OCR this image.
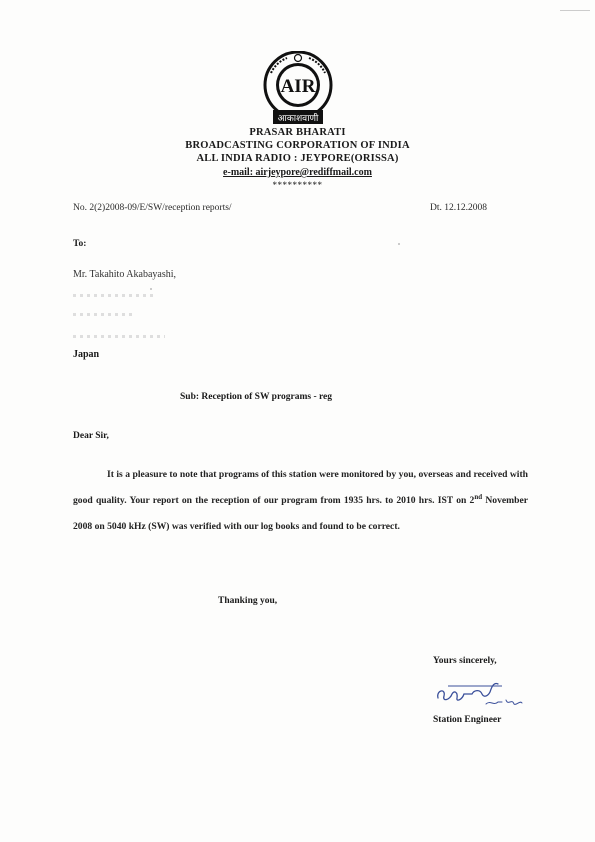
AIR
आकाशवाणी
PRASAR BHARATI
BROADCASTING CORPORATION OF INDIA
ALL INDIA RADIO : JEYPORE(ORISSA)
e-mail: airjeypore@rediffmail.com
**********
No. 2(2)2008-09/E/SW/reception reports/	Dt. 12.12.2008
To:
Mr. Takahito Akabayashi,
Japan
Sub: Reception of SW programs - reg
Dear Sir,
It is a pleasure to note that programs of this station were monitored by you, overseas and received with good quality. Your report on the reception of our program from 1935 hrs. to 2010 hrs. IST on 2nd November 2008 on 5040 kHz (SW) was verified with our log books and found to be correct.
Thanking you,
Yours sincerely,
Station Engineer
